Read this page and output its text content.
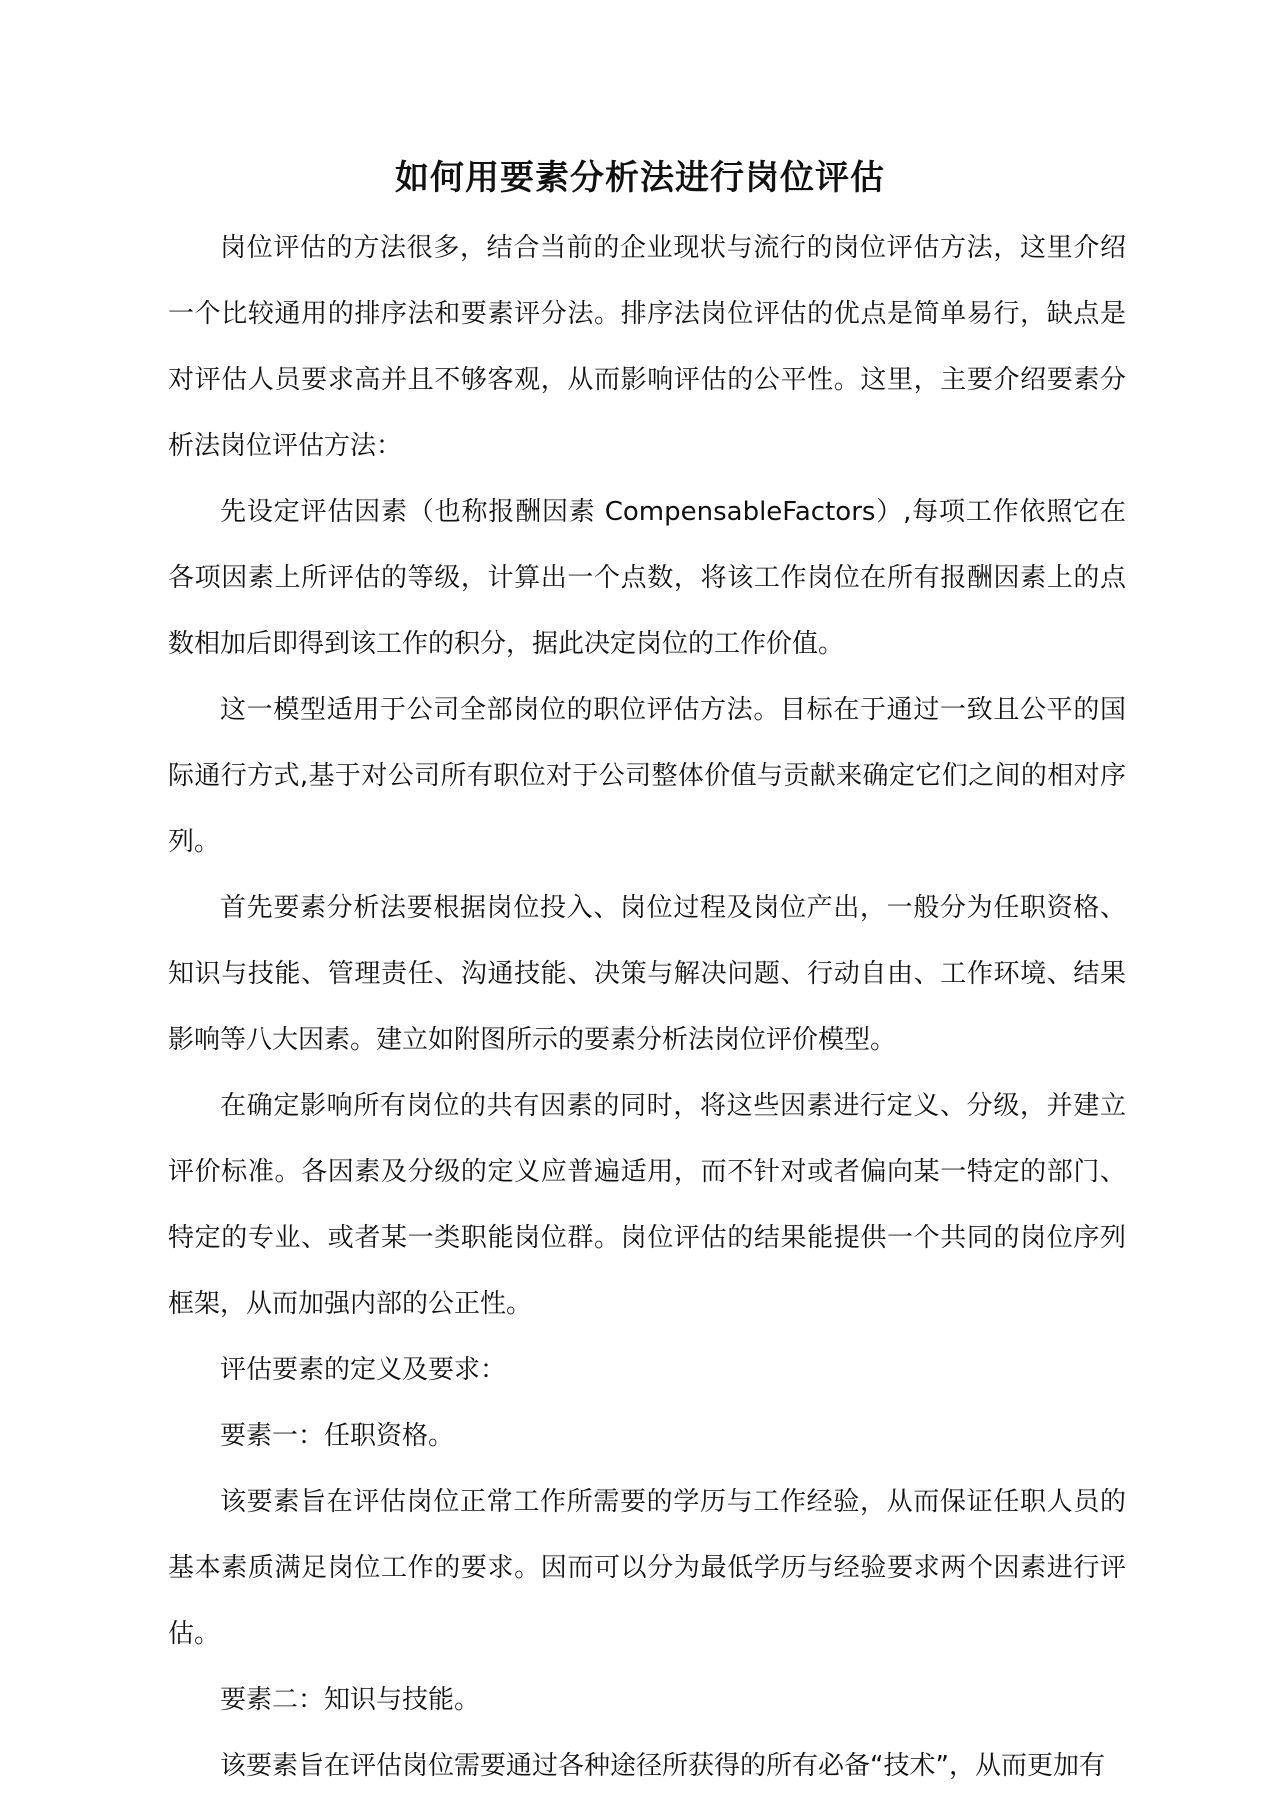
如何用要素分析法进行岗位评估

岗位评估的方法很多，结合当前的企业现状与流行的岗位评估方法，这里介绍一个比较通用的排序法和要素评分法。排序法岗位评估的优点是简单易行，缺点是对评估人员要求高并且不够客观，从而影响评估的公平性。这里，主要介绍要素分析法岗位评估方法：

先设定评估因素（也称报酬因素 CompensableFactors）,每项工作依照它在各项因素上所评估的等级，计算出一个点数，将该工作岗位在所有报酬因素上的点数相加后即得到该工作的积分，据此决定岗位的工作价值。

这一模型适用于公司全部岗位的职位评估方法。目标在于通过一致且公平的国际通行方式,基于对公司所有职位对于公司整体价值与贡献来确定它们之间的相对序列。

首先要素分析法要根据岗位投入、岗位过程及岗位产出，一般分为任职资格、知识与技能、管理责任、沟通技能、决策与解决问题、行动自由、工作环境、结果影响等八大因素。建立如附图所示的要素分析法岗位评价模型。

在确定影响所有岗位的共有因素的同时，将这些因素进行定义、分级，并建立评价标准。各因素及分级的定义应普遍适用，而不针对或者偏向某一特定的部门、特定的专业、或者某一类职能岗位群。岗位评估的结果能提供一个共同的岗位序列框架，从而加强内部的公正性。

评估要素的定义及要求：

要素一：任职资格。

该要素旨在评估岗位正常工作所需要的学历与工作经验，从而保证任职人员的基本素质满足岗位工作的要求。因而可以分为最低学历与经验要求两个因素进行评估。

要素二：知识与技能。

该要素旨在评估岗位需要通过各种途径所获得的所有必备“技术”，从而更加有
